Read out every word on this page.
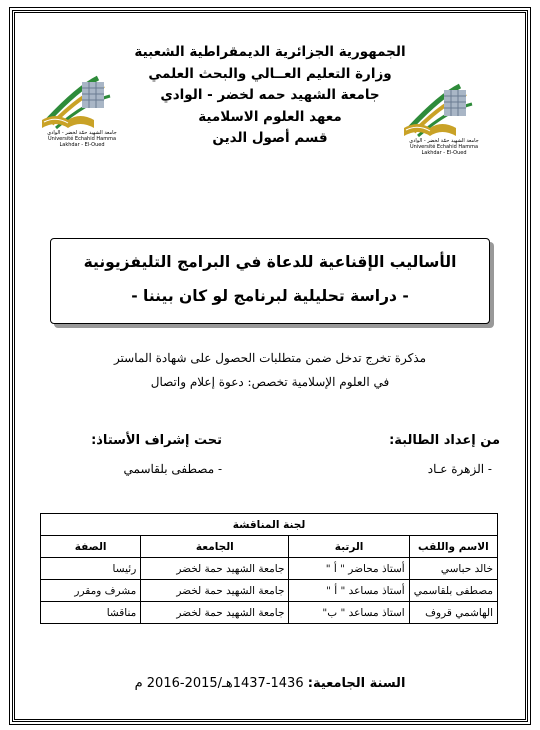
جامعة الشهيد حمّة لخضر - الوادي
Université Echahid Hamma Lakhdar - El-Oued
جامعة الشهيد حمّة لخضر - الوادي
Université Echahid Hamma Lakhdar - El-Oued
الجمهورية الجزائرية الديمقراطية الشعبية
وزارة التعليم العــالي والبحث العلمي
جامعة الشهيد حمه لخضر - الوادي
معهد العلوم الاسلامية
قسم أصول الدين
الأساليب الإقناعية للدعاة في البرامج التليفزيونية
- دراسة تحليلية لبرنامج لو كان بيننا -
مذكرة تخرج تدخل ضمن متطلبات الحصول على شهادة الماستر
في العلوم الإسلامية تخصص: دعوة إعلام واتصال
من إعداد الطالبة:
- الزهرة عـاد
تحت إشراف الأستاذ:
- مصطفى بلقاسمي
لجنة المناقشة			
الاسم واللقب	الرتبة	الجامعة	الصفة
خالد حباسي	أستاذ محاضر " أ "	جامعة الشهيد حمة لخضر	رئيسا
مصطفى بلقاسمي	أستاذ مساعد " أ "	جامعة الشهيد حمة لخضر	مشرف ومقرر
الهاشمي قروف	استاذ مساعد " ب"	جامعة الشهيد حمة لخضر	مناقشا
السنة الجامعية: 1436-1437هـ/2015-2016 م
